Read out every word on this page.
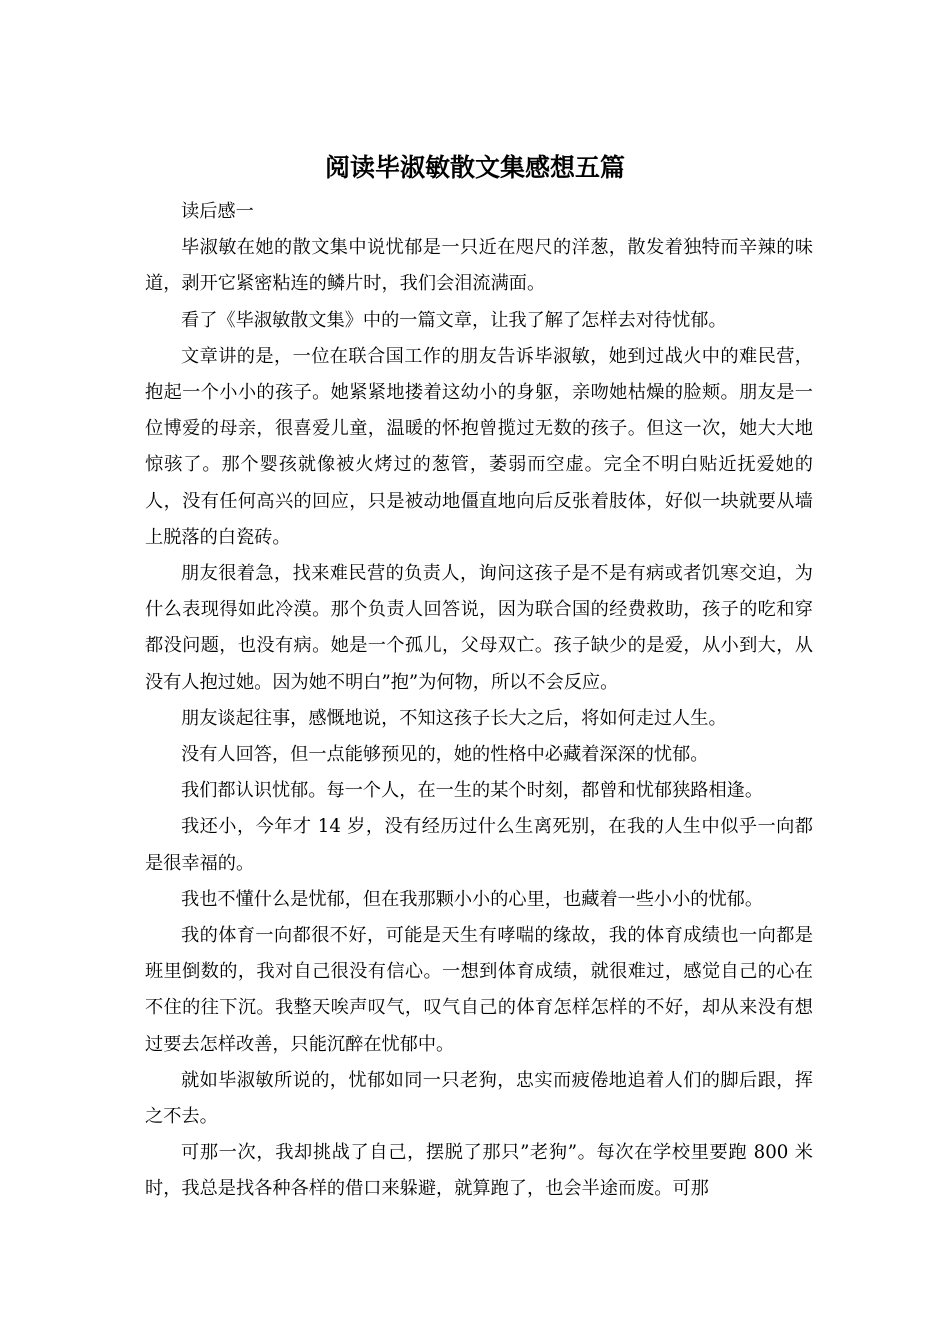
阅读毕淑敏散文集感想五篇

读后感一

毕淑敏在她的散文集中说忧郁是一只近在咫尺的洋葱，散发着独特而辛辣的味道，剥开它紧密粘连的鳞片时，我们会泪流满面。

看了《毕淑敏散文集》中的一篇文章，让我了解了怎样去对待忧郁。

文章讲的是，一位在联合国工作的朋友告诉毕淑敏，她到过战火中的难民营，抱起一个小小的孩子。她紧紧地搂着这幼小的身躯，亲吻她枯燥的脸颊。朋友是一位博爱的母亲，很喜爱儿童，温暖的怀抱曾揽过无数的孩子。但这一次，她大大地惊骇了。那个婴孩就像被火烤过的葱管，萎弱而空虚。完全不明白贴近抚爱她的人，没有任何高兴的回应，只是被动地僵直地向后反张着肢体，好似一块就要从墙上脱落的白瓷砖。

朋友很着急，找来难民营的负责人，询问这孩子是不是有病或者饥寒交迫，为什么表现得如此冷漠。那个负责人回答说，因为联合国的经费救助，孩子的吃和穿都没问题，也没有病。她是一个孤儿，父母双亡。孩子缺少的是爱，从小到大，从没有人抱过她。因为她不明白”抱”为何物，所以不会反应。

朋友谈起往事，感慨地说，不知这孩子长大之后，将如何走过人生。

没有人回答，但一点能够预见的，她的性格中必藏着深深的忧郁。

我们都认识忧郁。每一个人，在一生的某个时刻，都曾和忧郁狭路相逢。

我还小，今年才 14 岁，没有经历过什么生离死别，在我的人生中似乎一向都是很幸福的。

我也不懂什么是忧郁，但在我那颗小小的心里，也藏着一些小小的忧郁。

我的体育一向都很不好，可能是天生有哮喘的缘故，我的体育成绩也一向都是班里倒数的，我对自己很没有信心。一想到体育成绩，就很难过，感觉自己的心在不住的往下沉。我整天唉声叹气，叹气自己的体育怎样怎样的不好，却从来没有想过要去怎样改善，只能沉醉在忧郁中。

就如毕淑敏所说的，忧郁如同一只老狗，忠实而疲倦地追着人们的脚后跟，挥之不去。

可那一次，我却挑战了自己，摆脱了那只”老狗”。每次在学校里要跑 800 米时，我总是找各种各样的借口来躲避，就算跑了，也会半途而废。可那
